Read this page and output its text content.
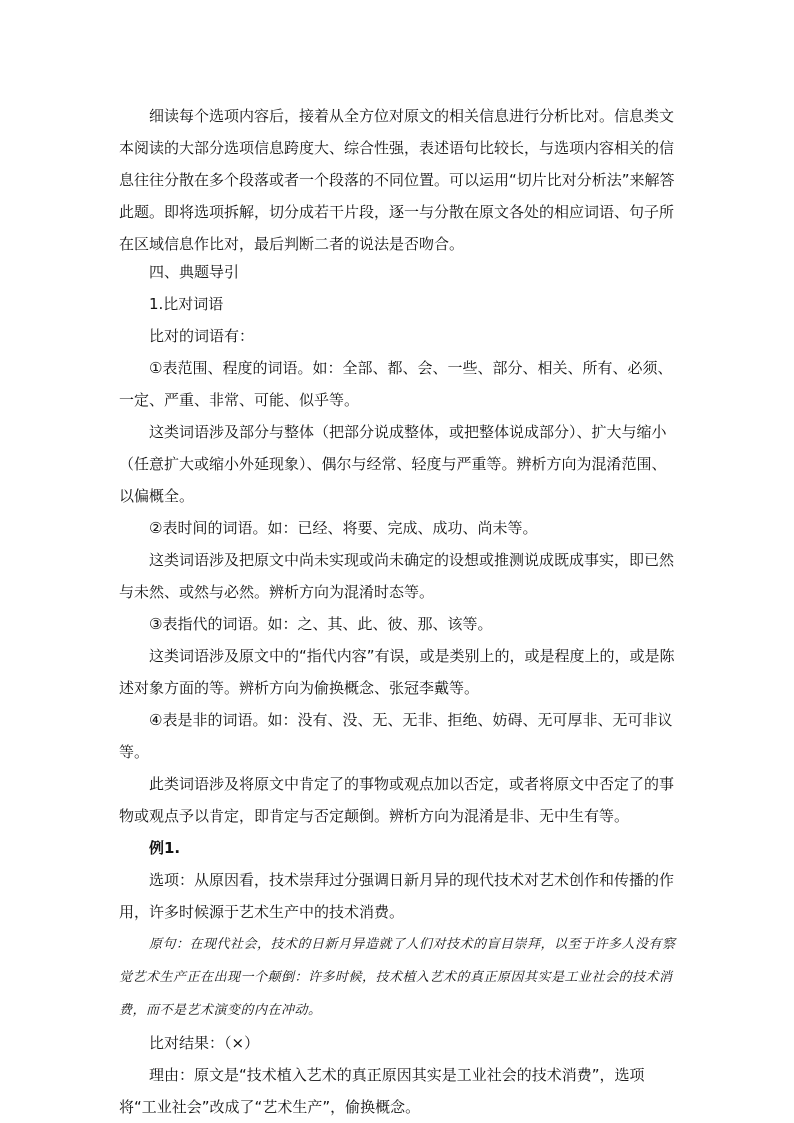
细读每个选项内容后，接着从全方位对原文的相关信息进行分析比对。信息类文本阅读的大部分选项信息跨度大、综合性强，表述语句比较长，与选项内容相关的信息往往分散在多个段落或者一个段落的不同位置。可以运用“切片比对分析法”来解答此题。即将选项拆解，切分成若干片段，逐一与分散在原文各处的相应词语、句子所在区域信息作比对，最后判断二者的说法是否吻合。

四、典题导引

1.比对词语

比对的词语有：

①表范围、程度的词语。如：全部、都、会、一些、部分、相关、所有、必须、一定、严重、非常、可能、似乎等。

这类词语涉及部分与整体（把部分说成整体，或把整体说成部分）、扩大与缩小（任意扩大或缩小外延现象）、偶尔与经常、轻度与严重等。辨析方向为混淆范围、以偏概全。

②表时间的词语。如：已经、将要、完成、成功、尚未等。

这类词语涉及把原文中尚未实现或尚未确定的设想或推测说成既成事实，即已然与未然、或然与必然。辨析方向为混淆时态等。

③表指代的词语。如：之、其、此、彼、那、该等。

这类词语涉及原文中的“指代内容”有误，或是类别上的，或是程度上的，或是陈述对象方面的等。辨析方向为偷换概念、张冠李戴等。

④表是非的词语。如：没有、没、无、无非、拒绝、妨碍、无可厚非、无可非议等。

此类词语涉及将原文中肯定了的事物或观点加以否定，或者将原文中否定了的事物或观点予以肯定，即肯定与否定颠倒。辨析方向为混淆是非、无中生有等。

例1.

选项：从原因看，技术崇拜过分强调日新月异的现代技术对艺术创作和传播的作用，许多时候源于艺术生产中的技术消费。

原句：在现代社会，技术的日新月异造就了人们对技术的盲目崇拜，以至于许多人没有察觉艺术生产正在出现一个颠倒：许多时候，技术植入艺术的真正原因其实是工业社会的技术消费，而不是艺术演变的内在冲动。

比对结果：（×）

理由：原文是“技术植入艺术的真正原因其实是工业社会的技术消费”，选项将“工业社会”改成了“艺术生产”，偷换概念。
